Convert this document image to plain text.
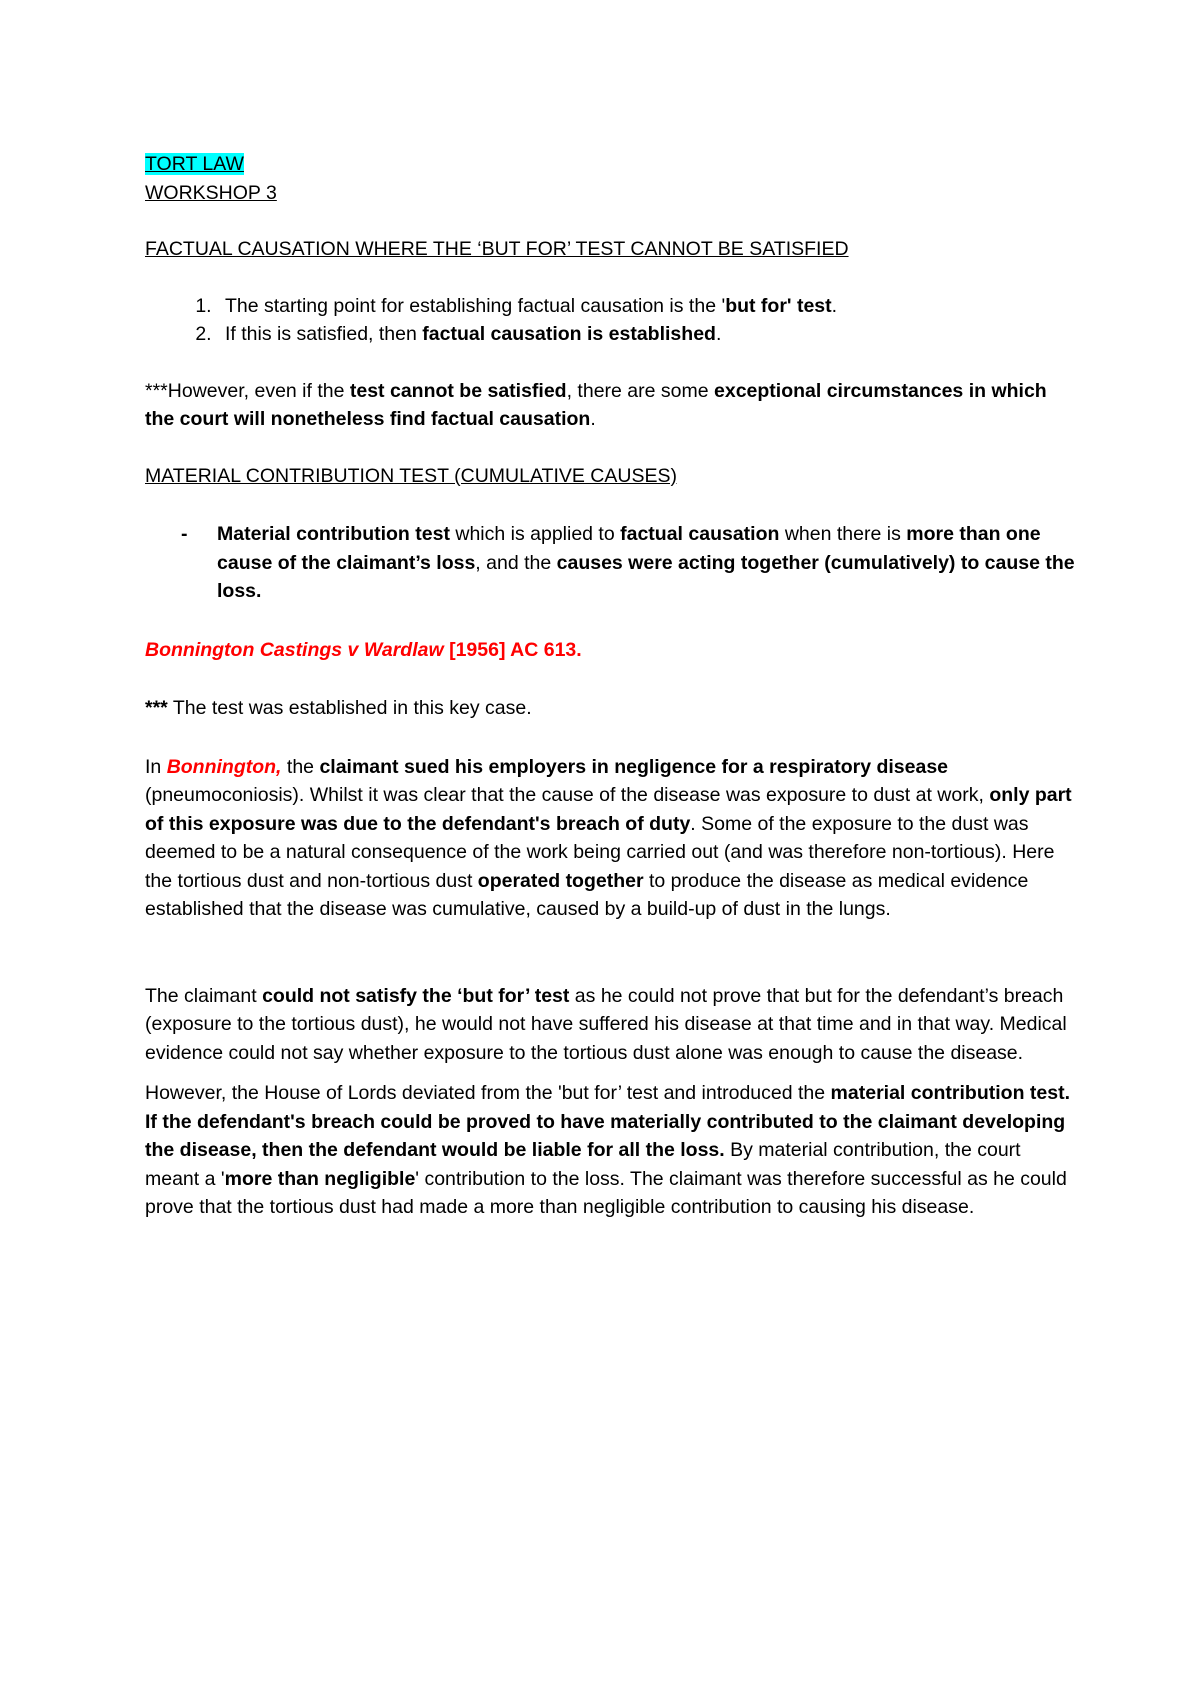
TORT LAW

WORKSHOP 3

FACTUAL CAUSATION WHERE THE ‘BUT FOR’ TEST CANNOT BE SATISFIED

1. The starting point for establishing factual causation is the 'but for' test.
2. If this is satisfied, then factual causation is established.

***However, even if the test cannot be satisfied, there are some exceptional circumstances in which the court will nonetheless find factual causation.

MATERIAL CONTRIBUTION TEST (CUMULATIVE CAUSES)

-	Material contribution test which is applied to factual causation when there is more than one cause of the claimant’s loss, and the causes were acting together (cumulatively) to cause the loss.

Bonnington Castings v Wardlaw [1956] AC 613.

*** The test was established in this key case.

In Bonnington, the claimant sued his employers in negligence for a respiratory disease (pneumoconiosis). Whilst it was clear that the cause of the disease was exposure to dust at work, only part of this exposure was due to the defendant's breach of duty. Some of the exposure to the dust was deemed to be a natural consequence of the work being carried out (and was therefore non-tortious). Here the tortious dust and non-tortious dust operated together to produce the disease as medical evidence established that the disease was cumulative, caused by a build-up of dust in the lungs.

The claimant could not satisfy the ‘but for’ test as he could not prove that but for the defendant’s breach (exposure to the tortious dust), he would not have suffered his disease at that time and in that way. Medical evidence could not say whether exposure to the tortious dust alone was enough to cause the disease.

However, the House of Lords deviated from the 'but for’ test and introduced the material contribution test. If the defendant's breach could be proved to have materially contributed to the claimant developing the disease, then the defendant would be liable for all the loss. By material contribution, the court meant a 'more than negligible' contribution to the loss. The claimant was therefore successful as he could prove that the tortious dust had made a more than negligible contribution to causing his disease.
